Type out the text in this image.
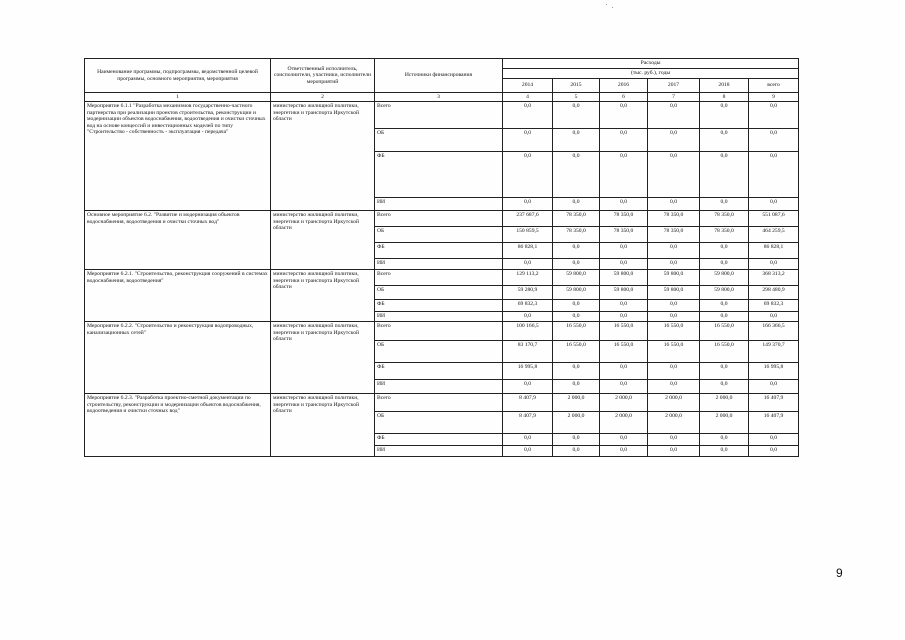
Наименование программы, подпрограммы, ведомственной целевой программы, основного мероприятия, мероприятия	Ответственный исполнитель, соисполнители, участники, исполнители мероприятий	Источники финансирования	Расходы					
			(тыс. руб.), годы					
			2014	2015	2016	2017	2018	всего
1	2	3	4	5	6	7	8	9
Мероприятие 6.1.1 "Разработка механизмов государственно-частного партнерства при реализации проектов строительства, реконструкции и модернизации объектов водоснабжения, водоотведения и очистки сточных вод на основе концессий и инвестиционных моделей по типу "Строительство - собственность - эксплуатация - передача"	министерство жилищной политики, энергетики и транспорта Иркутской области	Всего	0,0	0,0	0,0	0,0	0,0	0,0
		ОБ	0,0	0,0	0,0	0,0	0,0	0,0
		ФБ	0,0	0,0	0,0	0,0	0,0	0,0
		ИИ	0,0	0,0	0,0	0,0	0,0	0,0
Основное мероприятие 6.2. "Развитие и модернизация объектов водоснабжения, водоотведения и очистки сточных вод"	министерство жилищной политики, энергетики и транспорта Иркутской области	Всего	237 687,6	78 350,0	78 350,0	78 350,0	78 350,0	551 087,6
		ОБ	150 859,5	78 350,0	78 350,0	78 350,0	78 350,0	464 259,5
		ФБ	86 828,1	0,0	0,0	0,0	0,0	86 828,1
		ИИ	0,0	0,0	0,0	0,0	0,0	0,0
Мероприятие 6.2.1. "Строительство, реконструкция сооружений в системах водоснабжения, водоотведения"	министерство жилищной политики, энергетики и транспорта Иркутской области	Всего	129 113,2	59 800,0	59 800,0	59 800,0	59 800,0	368 313,2
		ОБ	59 280,9	59 800,0	59 800,0	59 800,0	59 800,0	298 480,9
		ФБ	69 832,3	0,0	0,0	0,0	0,0	69 832,3
		ИИ	0,0	0,0	0,0	0,0	0,0	0,0
Мероприятие 6.2.2. "Строительство и реконструкция водопроводных, канализационных сетей"	министерство жилищной политики, энергетики и транспорта Иркутской области	Всего	100 166,5	16 550,0	16 550,0	16 550,0	16 550,0	166 366,5
		ОБ	83 170,7	16 550,0	16 550,0	16 550,0	16 550,0	149 370,7
		ФБ	16 995,8	0,0	0,0	0,0	0,0	16 995,8
		ИИ	0,0	0,0	0,0	0,0	0,0	0,0
Мероприятие 6.2.3. "Разработка проектно-сметной документации по строительству, реконструкции и модернизации объектов водоснабжения, водоотведения и очистки сточных вод"	министерство жилищной политики, энергетики и транспорта Иркутской области	Всего	8 407,9	2 000,0	2 000,0	2 000,0	2 000,0	16 407,9
		ОБ	8 407,9	2 000,0	2 000,0	2 000,0	2 000,0	16 407,9
		ФБ	0,0	0,0	0,0	0,0	0,0	0,0
		ИИ	0,0	0,0	0,0	0,0	0,0	0,0
9
